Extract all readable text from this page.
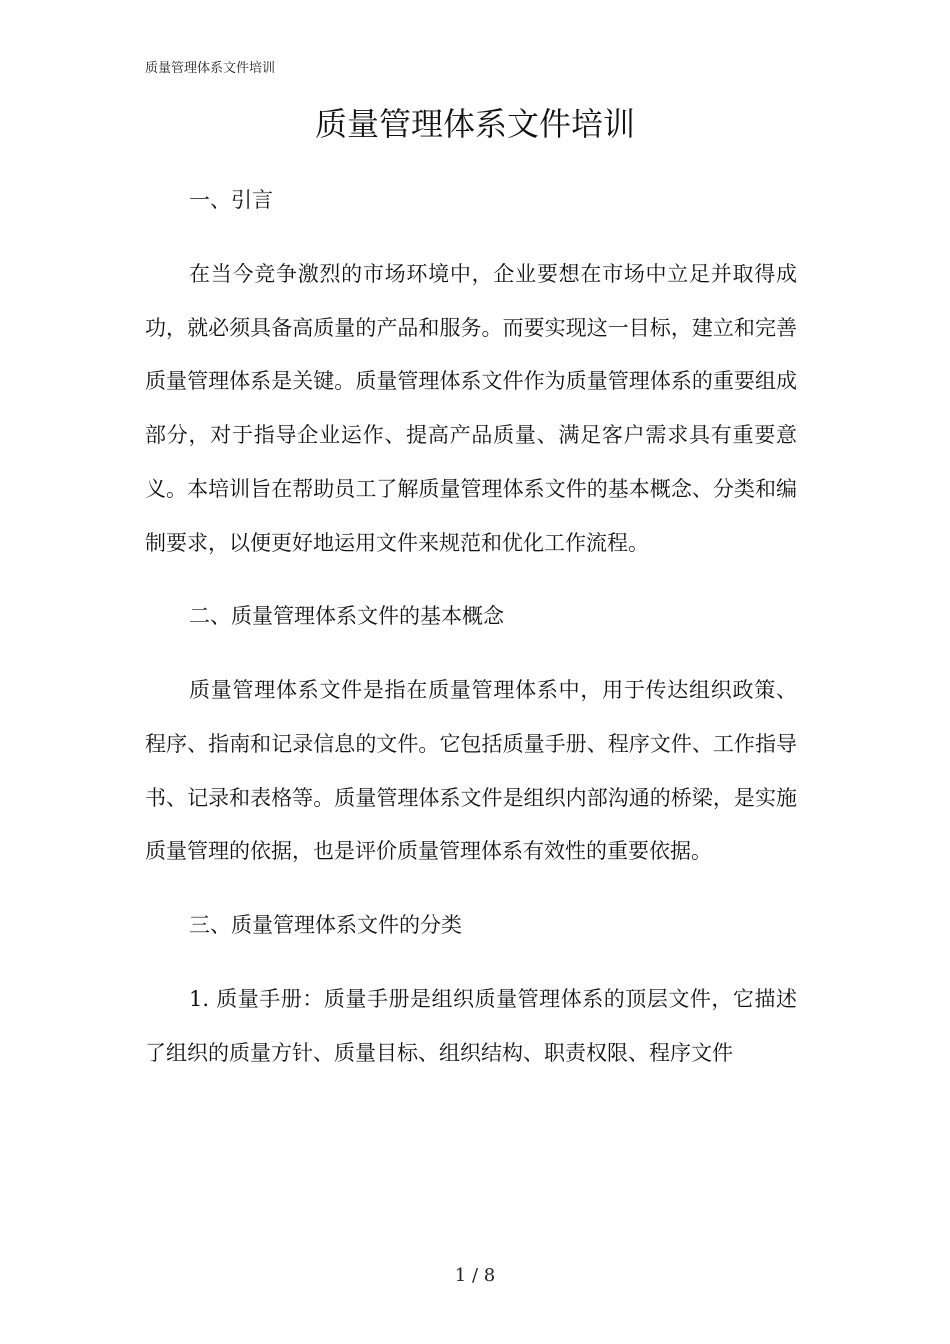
质量管理体系文件培训
质量管理体系文件培训

一、引言

在当今竞争激烈的市场环境中，企业要想在市场中立足并取得成功，就必须具备高质量的产品和服务。而要实现这一目标，建立和完善质量管理体系是关键。质量管理体系文件作为质量管理体系的重要组成部分，对于指导企业运作、提高产品质量、满足客户需求具有重要意义。本培训旨在帮助员工了解质量管理体系文件的基本概念、分类和编制要求，以便更好地运用文件来规范和优化工作流程。

二、质量管理体系文件的基本概念

质量管理体系文件是指在质量管理体系中，用于传达组织政策、程序、指南和记录信息的文件。它包括质量手册、程序文件、工作指导书、记录和表格等。质量管理体系文件是组织内部沟通的桥梁，是实施质量管理的依据，也是评价质量管理体系有效性的重要依据。

三、质量管理体系文件的分类

1. 质量手册：质量手册是组织质量管理体系的顶层文件，它描述了组织的质量方针、质量目标、组织结构、职责权限、程序文件

1 / 8
